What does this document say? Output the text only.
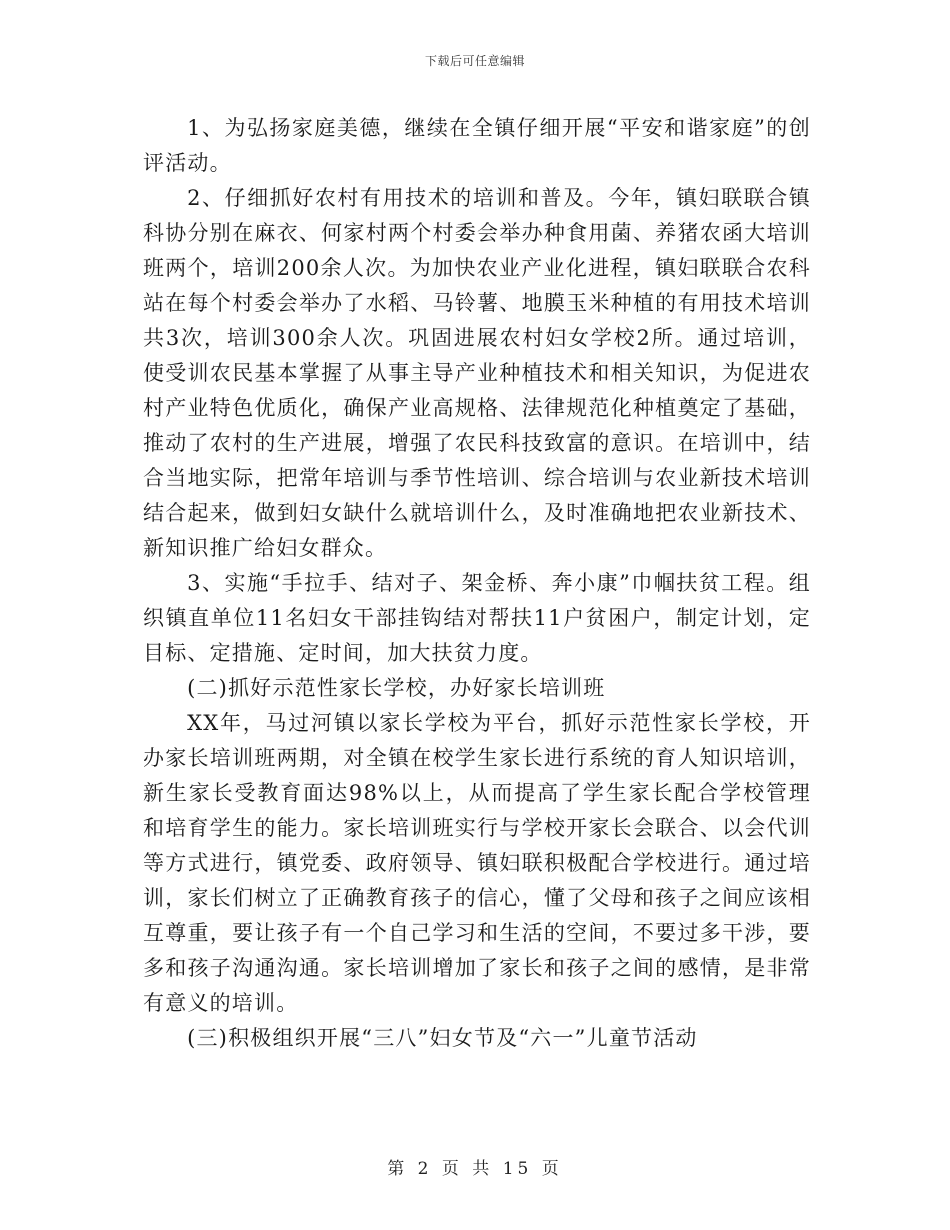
下载后可任意编辑

1、为弘扬家庭美德，继续在全镇仔细开展“平安和谐家庭”的创评活动。

2、仔细抓好农村有用技术的培训和普及。今年，镇妇联联合镇科协分别在麻衣、何家村两个村委会举办种食用菌、养猪农函大培训班两个，培训200余人次。为加快农业产业化进程，镇妇联联合农科站在每个村委会举办了水稻、马铃薯、地膜玉米种植的有用技术培训共3次，培训300余人次。巩固进展农村妇女学校2所。通过培训，使受训农民基本掌握了从事主导产业种植技术和相关知识，为促进农村产业特色优质化，确保产业高规格、法律规范化种植奠定了基础，推动了农村的生产进展，增强了农民科技致富的意识。在培训中，结合当地实际，把常年培训与季节性培训、综合培训与农业新技术培训结合起来，做到妇女缺什么就培训什么，及时准确地把农业新技术、新知识推广给妇女群众。

3、实施“手拉手、结对子、架金桥、奔小康”巾帼扶贫工程。组织镇直单位11名妇女干部挂钩结对帮扶11户贫困户，制定计划，定目标、定措施、定时间，加大扶贫力度。

(二)抓好示范性家长学校，办好家长培训班

XX年，马过河镇以家长学校为平台，抓好示范性家长学校，开办家长培训班两期，对全镇在校学生家长进行系统的育人知识培训，新生家长受教育面达98%以上，从而提高了学生家长配合学校管理和培育学生的能力。家长培训班实行与学校开家长会联合、以会代训等方式进行，镇党委、政府领导、镇妇联积极配合学校进行。通过培训，家长们树立了正确教育孩子的信心，懂了父母和孩子之间应该相互尊重，要让孩子有一个自己学习和生活的空间，不要过多干涉，要多和孩子沟通沟通。家长培训增加了家长和孩子之间的感情，是非常有意义的培训。

(三)积极组织开展“三八”妇女节及“六一”儿童节活动

第 2 页 共 15 页
